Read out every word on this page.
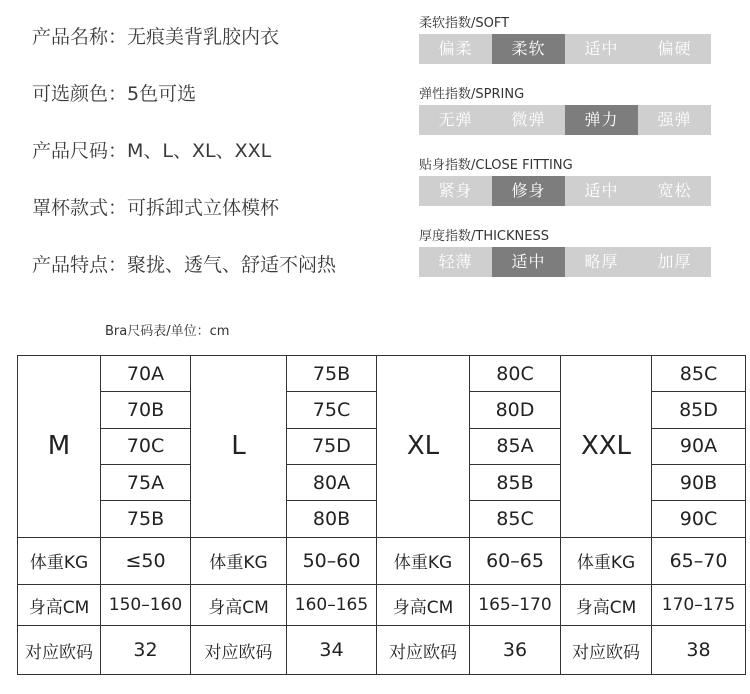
产品名称： 无痕美背乳胶内衣
可选颜色： 5色可选
产品尺码： M、L、XL、XXL
罩杯款式： 可拆卸式立体模杯
产品特点： 聚拢、透气、舒适不闷热
柔软指数/SOFT
偏柔	柔软	适中	偏硬
弹性指数/SPRING
无弹	微弹	弹力	强弹
贴身指数/CLOSE FITTING
紧身	修身	适中	宽松
厚度指数/THICKNESS
轻薄	适中	略厚	加厚
Bra尺码表/单位：cm
M	70A	L	75B	XL	80C	XXL	85C
	70B		75C		80D		85D
	70C		75D		85A		90A
	75A		80A		85B		90B
	75B		80B		85C		90C
体重KG	≤50	体重KG	50–60	体重KG	60–65	体重KG	65–70
身高CM	150–160	身高CM	160–165	身高CM	165–170	身高CM	170–175
对应欧码	32	对应欧码	34	对应欧码	36	对应欧码	38
